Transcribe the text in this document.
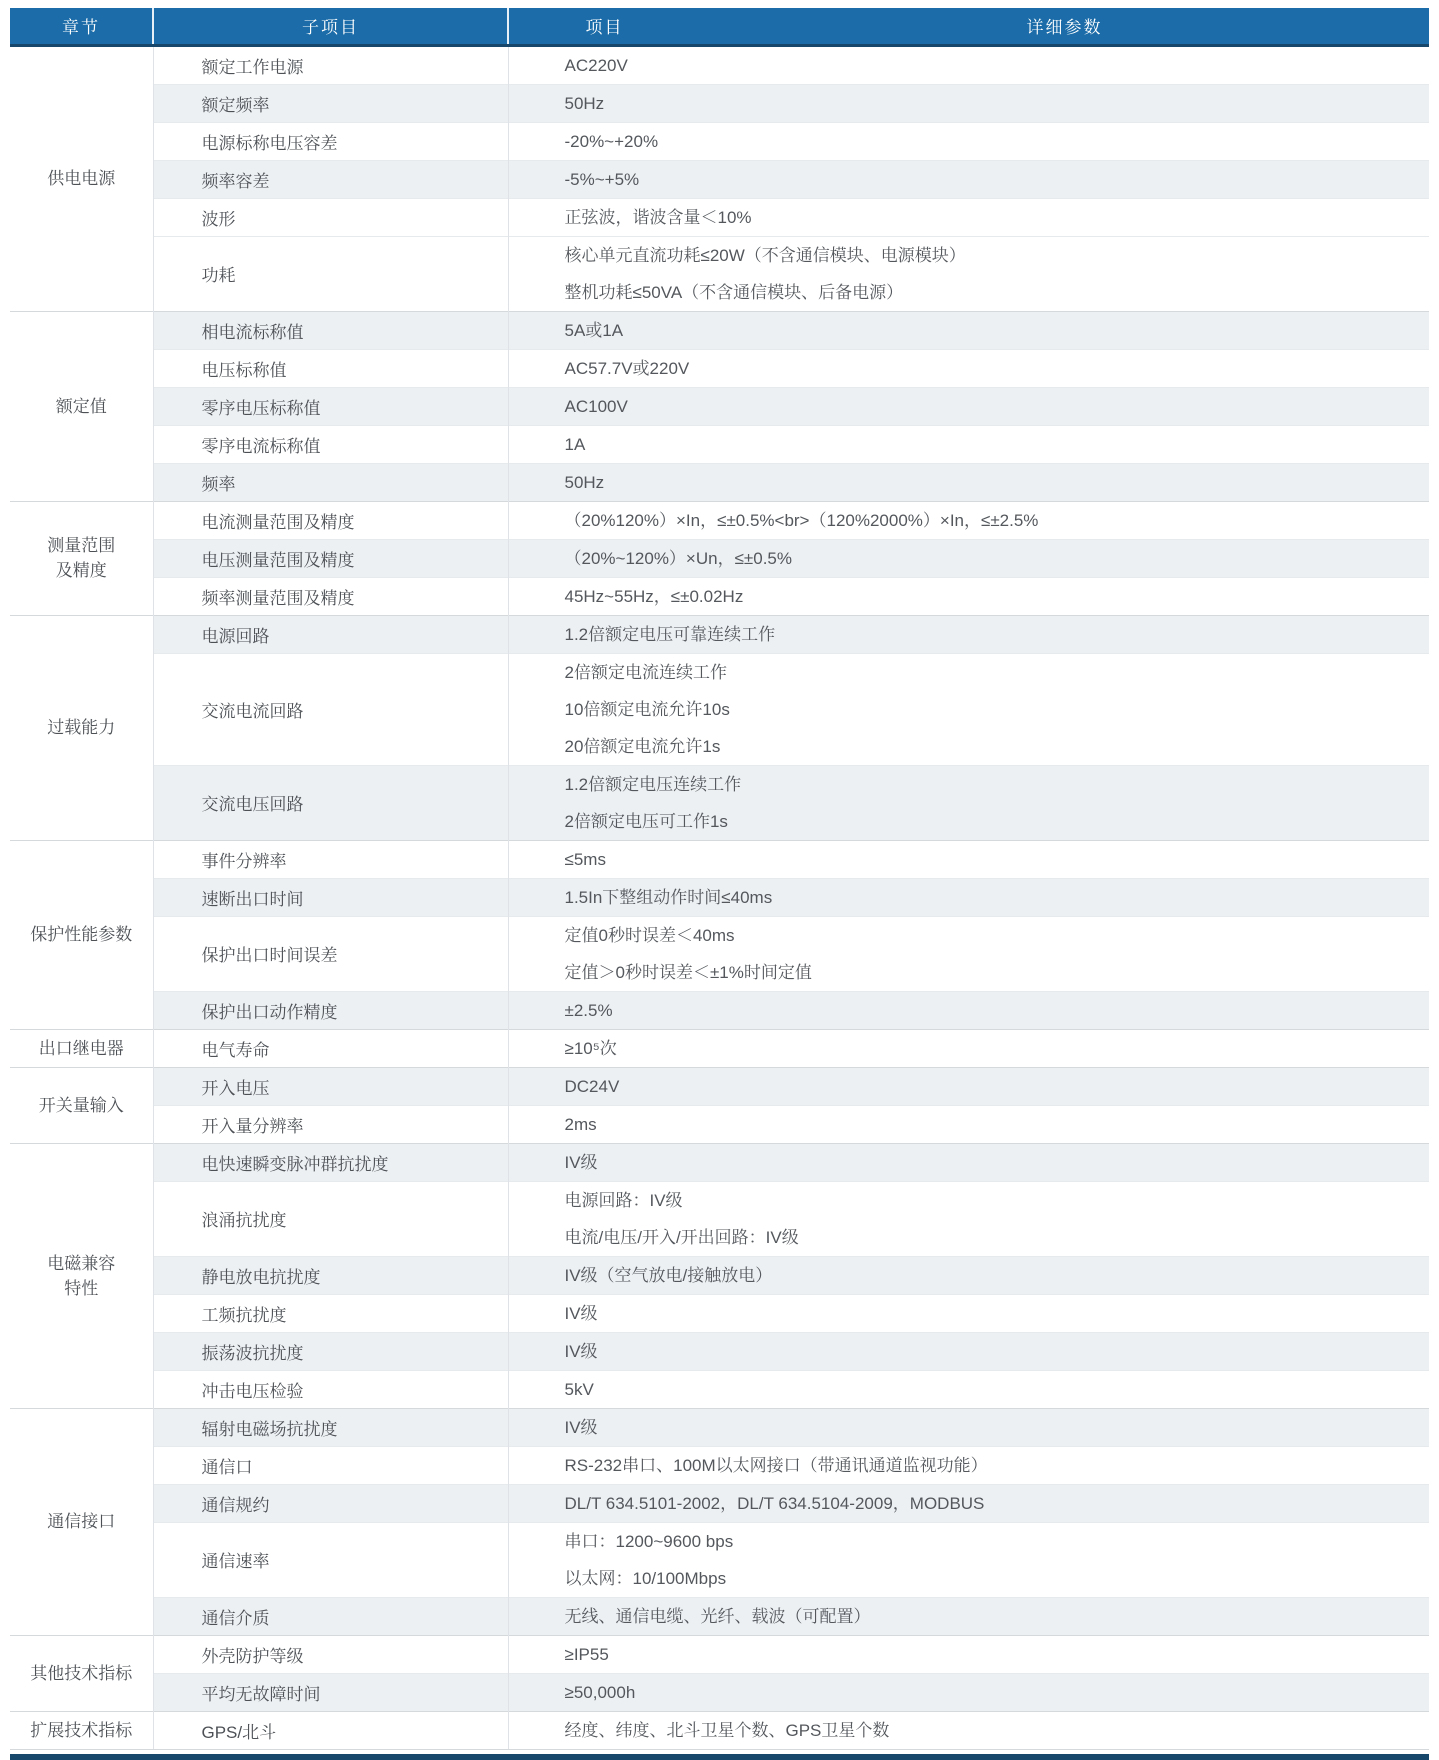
章节	子项目	项目	详细参数

供电电源	额定工作电源	AC220V	

	额定频率	50Hz	

	电源标称电压容差	-20%~+20%	

	频率容差	-5%~+5%	

	波形	正弦波，谐波含量＜10%	

	功耗	核心单元直流功耗≤20W（不含通信模块、电源模块）
整机功耗≤50VA（不含通信模块、后备电源）	

额定值	相电流标称值	5A或1A	

	电压标称值	AC57.7V或220V	

	零序电压标称值	AC100V	

	零序电流标称值	1A	

	频率	50Hz	

测量范围
及精度	电流测量范围及精度	（20%120%）×In，≤±0.5%<br>（120%2000%）×In，≤±2.5%	

	电压测量范围及精度	（20%~120%）×Un，≤±0.5%	

	频率测量范围及精度	45Hz~55Hz，≤±0.02Hz	

过载能力	电源回路	1.2倍额定电压可靠连续工作	

	交流电流回路	2倍额定电流连续工作
10倍额定电流允许10s
20倍额定电流允许1s	

	交流电压回路	1.2倍额定电压连续工作
2倍额定电压可工作1s	

保护性能参数	事件分辨率	≤5ms	

	速断出口时间	1.5In下整组动作时间≤40ms	

	保护出口时间误差	定值0秒时误差＜40ms
定值＞0秒时误差＜±1%时间定值	

	保护出口动作精度	±2.5%	

出口继电器	电气寿命	≥10⁵次	

开关量输入	开入电压	DC24V	

	开入量分辨率	2ms	

电磁兼容
特性	电快速瞬变脉冲群抗扰度	IV级	

	浪涌抗扰度	电源回路：IV级
电流/电压/开入/开出回路：IV级	

	静电放电抗扰度	IV级（空气放电/接触放电）	

	工频抗扰度	IV级	

	振荡波抗扰度	IV级	

	冲击电压检验	5kV	

通信接口	辐射电磁场抗扰度	IV级	

	通信口	RS-232串口、100M以太网接口（带通讯通道监视功能）	

	通信规约	DL/T 634.5101-2002，DL/T 634.5104-2009，MODBUS	

	通信速率	串口：1200~9600 bps
以太网：10/100Mbps	

	通信介质	无线、通信电缆、光纤、载波（可配置）	

其他技术指标	外壳防护等级	≥IP55	

	平均无故障时间	≥50,000h	

扩展技术指标	GPS/北斗	经度、纬度、北斗卫星个数、GPS卫星个数	
